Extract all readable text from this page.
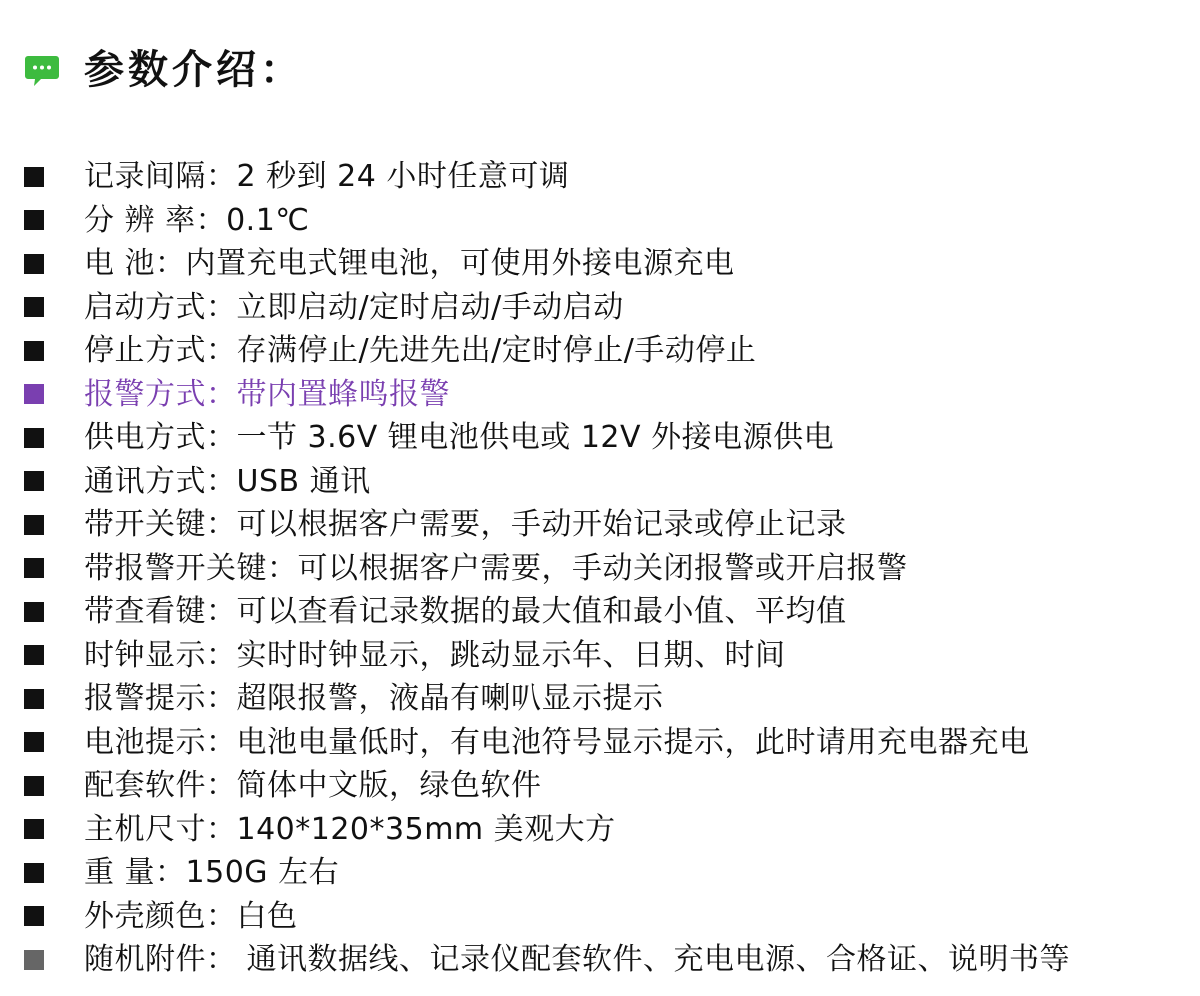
参数介绍：
记录间隔：2 秒到 24 小时任意可调
分 辨 率：0.1℃
电 池：内置充电式锂电池，可使用外接电源充电
启动方式：立即启动/定时启动/手动启动
停止方式：存满停止/先进先出/定时停止/手动停止
报警方式：带内置蜂鸣报警
供电方式：一节 3.6V 锂电池供电或 12V 外接电源供电
通讯方式：USB 通讯
带开关键：可以根据客户需要，手动开始记录或停止记录
带报警开关键：可以根据客户需要，手动关闭报警或开启报警
带查看键：可以查看记录数据的最大值和最小值、平均值
时钟显示：实时时钟显示，跳动显示年、日期、时间
报警提示：超限报警，液晶有喇叭显示提示
电池提示：电池电量低时，有电池符号显示提示，此时请用充电器充电
配套软件：简体中文版，绿色软件
主机尺寸：140*120*35mm 美观大方
重 量：150G 左右
外壳颜色：白色
随机附件： 通讯数据线、记录仪配套软件、充电电源、合格证、说明书等
